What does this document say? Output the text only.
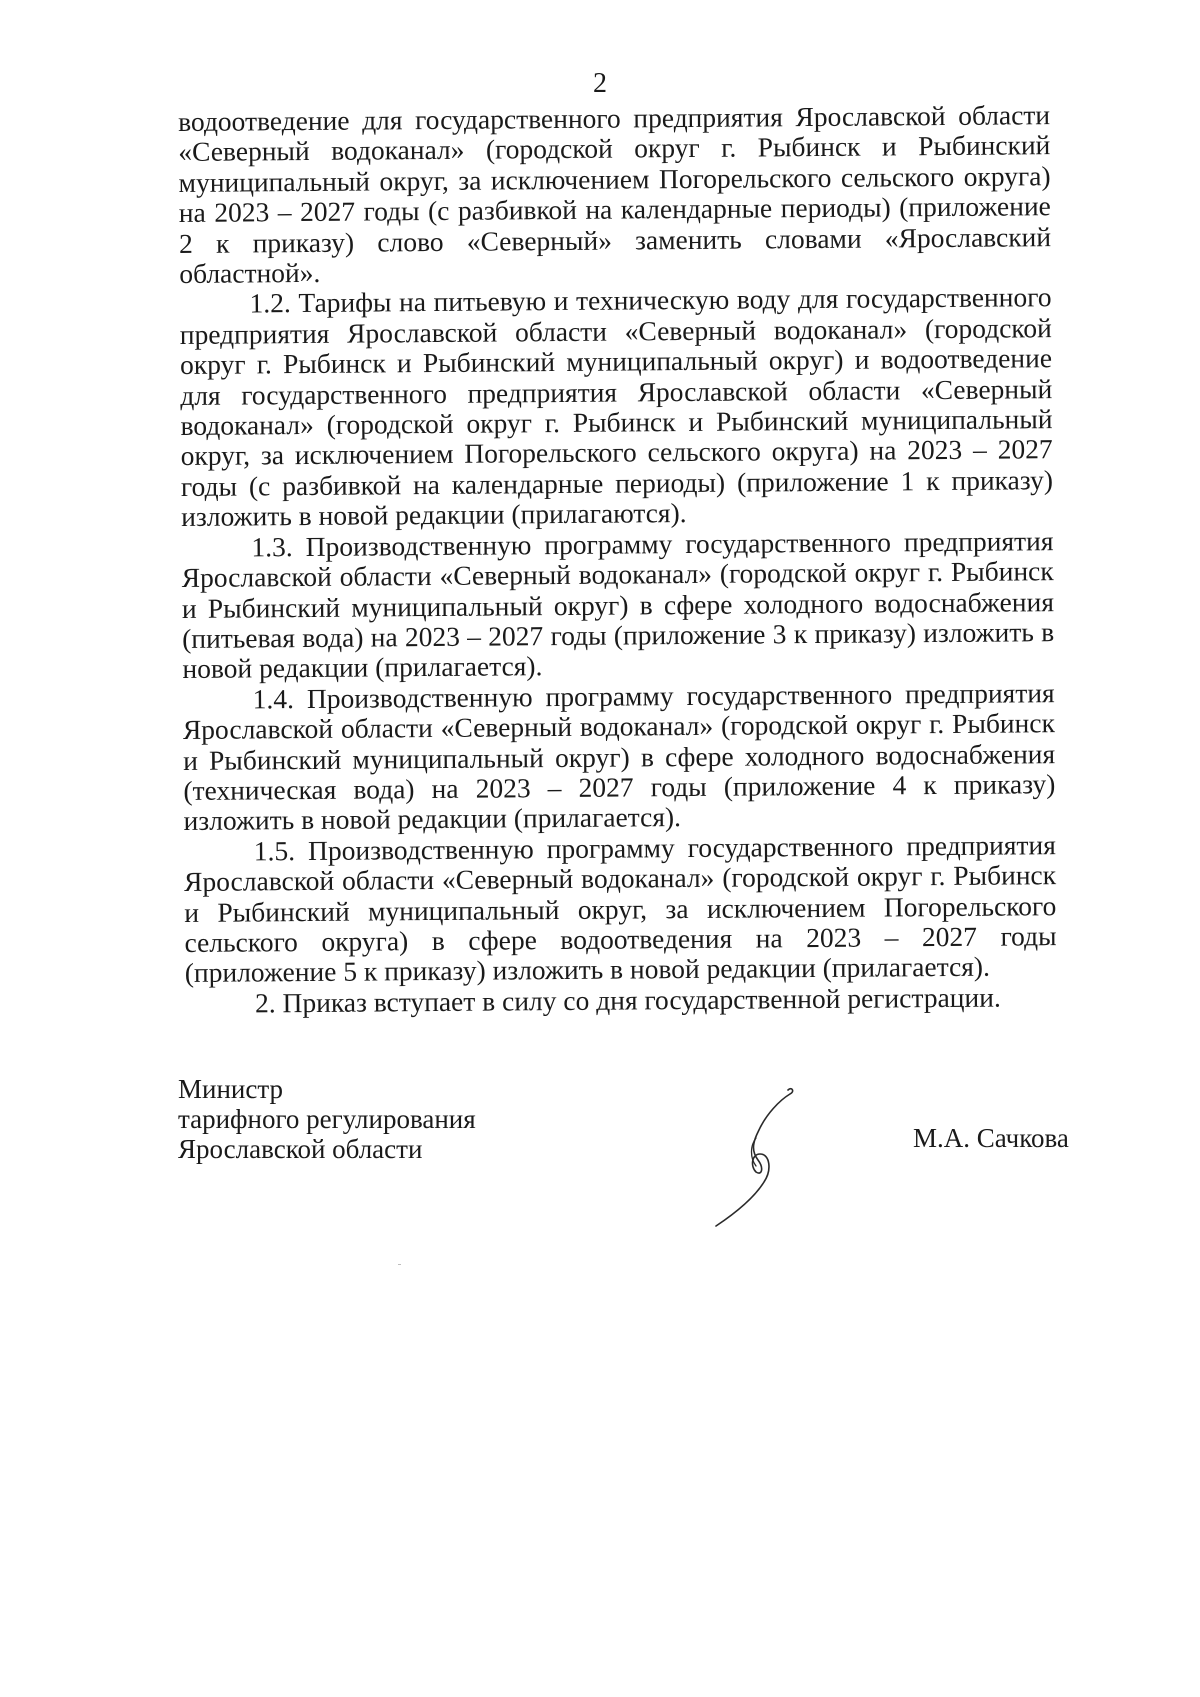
2

водоотведение для государственного предприятия Ярославской области «Северный водоканал» (городской округ г. Рыбинск и Рыбинский муниципальный округ, за исключением Погорельского сельского округа) на 2023 – 2027 годы (с разбивкой на календарные периоды) (приложение 2 к приказу) слово «Северный» заменить словами «Ярославский областной».

1.2. Тарифы на питьевую и техническую воду для государственного предприятия Ярославской области «Северный водоканал» (городской округ г. Рыбинск и Рыбинский муниципальный округ) и водоотведение для государственного предприятия Ярославской области «Северный водоканал» (городской округ г. Рыбинск и Рыбинский муниципальный округ, за исключением Погорельского сельского округа) на 2023 – 2027 годы (с разбивкой на календарные периоды) (приложение 1 к приказу) изложить в новой редакции (прилагаются).

1.3. Производственную программу государственного предприятия Ярославской области «Северный водоканал» (городской округ г. Рыбинск и Рыбинский муниципальный округ) в сфере холодного водоснабжения (питьевая вода) на 2023 – 2027 годы (приложение 3 к приказу) изложить в новой редакции (прилагается).

1.4. Производственную программу государственного предприятия Ярославской области «Северный водоканал» (городской округ г. Рыбинск и Рыбинский муниципальный округ) в сфере холодного водоснабжения (техническая вода) на 2023 – 2027 годы (приложение 4 к приказу) изложить в новой редакции (прилагается).

1.5. Производственную программу государственного предприятия Ярославской области «Северный водоканал» (городской округ г. Рыбинск и Рыбинский муниципальный округ, за исключением Погорельского сельского округа) в сфере водоотведения на 2023 – 2027 годы (приложение 5 к приказу) изложить в новой редакции (прилагается).

2. Приказ вступает в силу со дня государственной регистрации.

Министр
тарифного регулирования
Ярославской области	М.А. Сачкова
